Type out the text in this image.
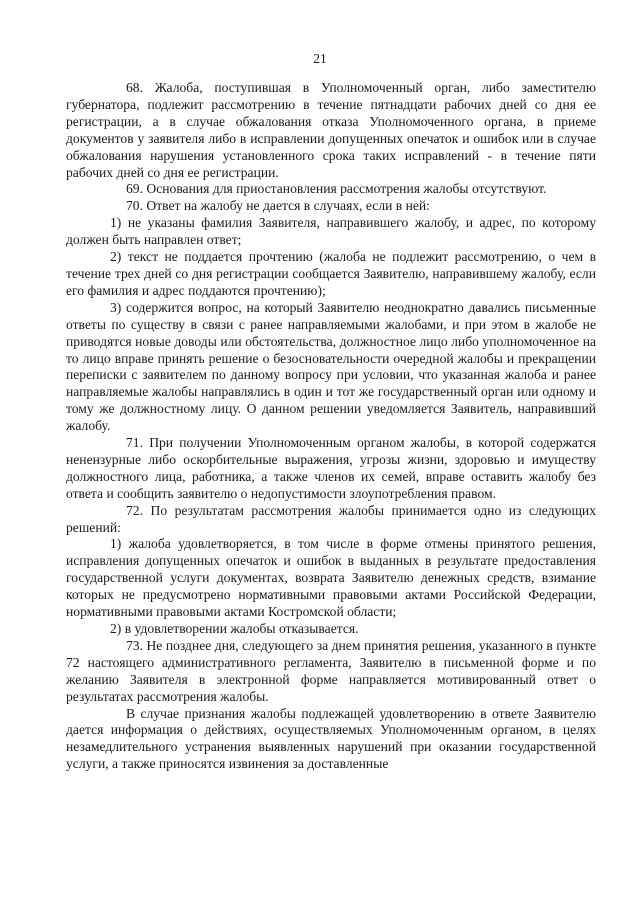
21

68. Жалоба, поступившая в Уполномоченный орган, либо заместителю губернатора, подлежит рассмотрению в течение пятнадцати рабочих дней со дня ее регистрации, а в случае обжалования отказа Уполномоченного органа, в приеме документов у заявителя либо в исправлении допущенных опечаток и ошибок или в случае обжалования нарушения установленного срока таких исправлений - в течение пяти рабочих дней со дня ее регистрации.

69. Основания для приостановления рассмотрения жалобы отсутствуют.

70. Ответ на жалобу не дается в случаях, если в ней:

1) не указаны фамилия Заявителя, направившего жалобу, и адрес, по которому должен быть направлен ответ;

2) текст не поддается прочтению (жалоба не подлежит рассмотрению, о чем в течение трех дней со дня регистрации сообщается Заявителю, направившему жалобу, если его фамилия и адрес поддаются прочтению);

3) содержится вопрос, на который Заявителю неоднократно давались письменные ответы по существу в связи с ранее направляемыми жалобами, и при этом в жалобе не приводятся новые доводы или обстоятельства, должностное лицо либо уполномоченное на то лицо вправе принять решение о безосновательности очередной жалобы и прекращении переписки с заявителем по данному вопросу при условии, что указанная жалоба и ранее направляемые жалобы направлялись в один и тот же государственный орган или одному и тому же должностному лицу. О данном решении уведомляется Заявитель, направивший жалобу.

71. При получении Уполномоченным органом жалобы, в которой содержатся ненензурные либо оскорбительные выражения, угрозы жизни, здоровью и имуществу должностного лица, работника, а также членов их семей, вправе оставить жалобу без ответа и сообщить заявителю о недопустимости злоупотребления правом.

72. По результатам рассмотрения жалобы принимается одно из следующих решений:

1) жалоба удовлетворяется, в том числе в форме отмены принятого решения, исправления допущенных опечаток и ошибок в выданных в результате предоставления государственной услуги документах, возврата Заявителю денежных средств, взимание которых не предусмотрено нормативными правовыми актами Российской Федерации, нормативными правовыми актами Костромской области;

2) в удовлетворении жалобы отказывается.

73. Не позднее дня, следующего за днем принятия решения, указанного в пункте 72 настоящего административного регламента, Заявителю в письменной форме и по желанию Заявителя в электронной форме направляется мотивированный ответ о результатах рассмотрения жалобы.

В случае признания жалобы подлежащей удовлетворению в ответе Заявителю дается информация о действиях, осуществляемых Уполномоченным органом, в целях незамедлительного устранения выявленных нарушений при оказании государственной услуги, а также приносятся извинения за доставленные
